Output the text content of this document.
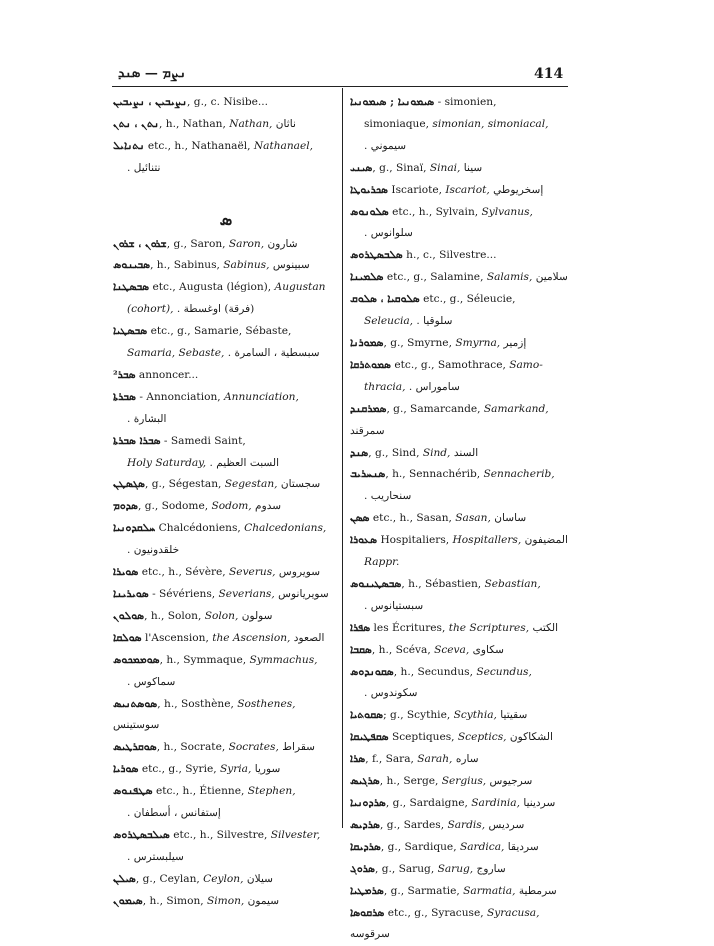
ܢܨܡ — ܣܢܕ	414
ܢܨܝܒܝܢ ، ܢܨܝܒܝܢ, g., c. Nisibe...
ܢܬܢ ، ܢܬܢ, h., Nathan, Nathan, ناثان
ܢܬܢܐܝܠ etc., h., Nathanaël, Nathanael,
نتنائيل .
ܣ
ܫܪܘܢ ، ܫܪܘܢ, g., Saron, Saron, شارون
ܣܒܝܢܘܣ, h., Sabinus, Sabinus, سبينوس
ܣܒܣܛܢܐ etc., Augusta (légion), Augustan
(cohort), (فرقة) اوغسطة .
ܣܒܣܛܝܐ etc., g., Samarie, Sébaste,
Samaria, Sebaste, سبسطية ، السامرة .
ܣܒܪ² annoncer...
ܣܒܪܬܐ - Annonciation, Annunciation,
البشارة .
ܣܒܪܐ ܣܒܪܬܐ - Samedi Saint,
Holy Saturday, السبت العظيم .
ܣܓܣܛܢ, g., Ségestan, Segestan, سجستان
ܣܕܘܡ, g., Sodome, Sodom, سدوم
ܚܠܩܕܘܢܝܐ Chalcédoniens, Chalcedonians,
خلقدونيون .
ܣܘܝܪܐ etc., h., Sévère, Severus, سويروس
ܣܘܝܪܝܢܐ - Sévériens, Severians, سويريانوس
ܣܘܠܘܢ, h., Solon, Solon, سولون
ܣܘܠܩܐ l'Ascension, the Ascension, الصعود
ܣܘܡܡܟܘܣ, h., Symmaque, Symmachus,
سماكوس .
ܣܘܣܬܢܝܣ, h., Sosthène, Sosthenes, سوستينس
ܣܘܩܪܛܝܣ, h., Socrate, Socrates, سقراط
ܣܘܪܝܐ etc., g., Syrie, Syria, سوريا
ܣܛܦܢܘܣ etc., h., Étienne, Stephen,
إستفانس ، أسطفان .
ܣܝܠܒܣܛܪܘܣ etc., h., Silvestre, Silvester,
سيلبسترس .
ܣܝܠܢ, g., Ceylan, Ceylon, سيلان
ܣܝܡܘܢ, h., Simon, Simon, سيمون
ܣܝܡܘܢܝܐ ; ܣܝܡܘܢܝܐ - simonien,
simoniaque, simonian, simoniacal,
سيموني .
ܣܝܢܝ, g., Sinaï, Sinai, سينا
ܣܟܪܝܘܛܐ Iscariote, Iscariot, إسخريوطي
ܣܠܘܢܘܣ etc., h., Sylvain, Sylvanus,
سلوانوس .
ܣܠܒܣܛܪܘܣ h., c., Silvestre...
ܣܠܡܝܢܐ etc., g., Salamine, Salamis, سلامين
ܣܠܘܩܝܐ ، ܣܠܘܩ etc., g., Séleucie,
Seleucia, سلوقيا .
ܣܡܘܪܢܐ, g., Smyrne, Smyrna, إزمير
ܣܡܘܬܪܩܐ etc., g., Samothrace, Samo-
thracia, ساموراس .
ܣܡܪܩܢܕ, g., Samarcande, Samarkand, سمرقند
ܣܢܕ, g., Sind, Sind, السند
ܣܢܚܪܝܒ, h., Sennachérib, Sennacherib,
سنحاريب .
ܣܣܢ etc., h., Sasan, Sasan, ساسان
ܣܥܘܪܐ Hospitaliers, Hospitallers, المضيفون
Rappr.
ܣܒܣܛܝܢܘܣ, h., Sébastien, Sebastian,
سبستيانوس .
ܣܦܪܐ les Écritures, the Scriptures, الكتب
ܣܩܒܐ, h., Scéva, Sceva, سكاوى
ܣܩܘܢܕܘܣ, h., Secundus, Secundus,
سكوندوس .
ܣܩܘܬܝܐ; g., Scythie, Scythia, سقيتيا
ܣܩܦܛܝܩܐ Sceptiques, Sceptics, الشكاكون
ܣܪܐ, f., Sara, Sarah, ساره
ܣܪܓܝܣ, h., Serge, Sergius, سرجيوس
ܣܪܕܘܢܝܐ, g., Sardaigne, Sardinia, سردينيا
ܣܪܕܝܣ, g., Sardes, Sardis, سرديس
ܣܪܕܝܩܐ, g., Sardique, Sardica, سرديقا
ܣܪܘܓ, g., Sarug, Sarug, ساروج
ܣܪܡܛܝܐ, g., Sarmatie, Sarmatia, سرمطية
ܣܪܩܘܣܐ etc., g., Syracuse, Syracusa, سرقوسه
